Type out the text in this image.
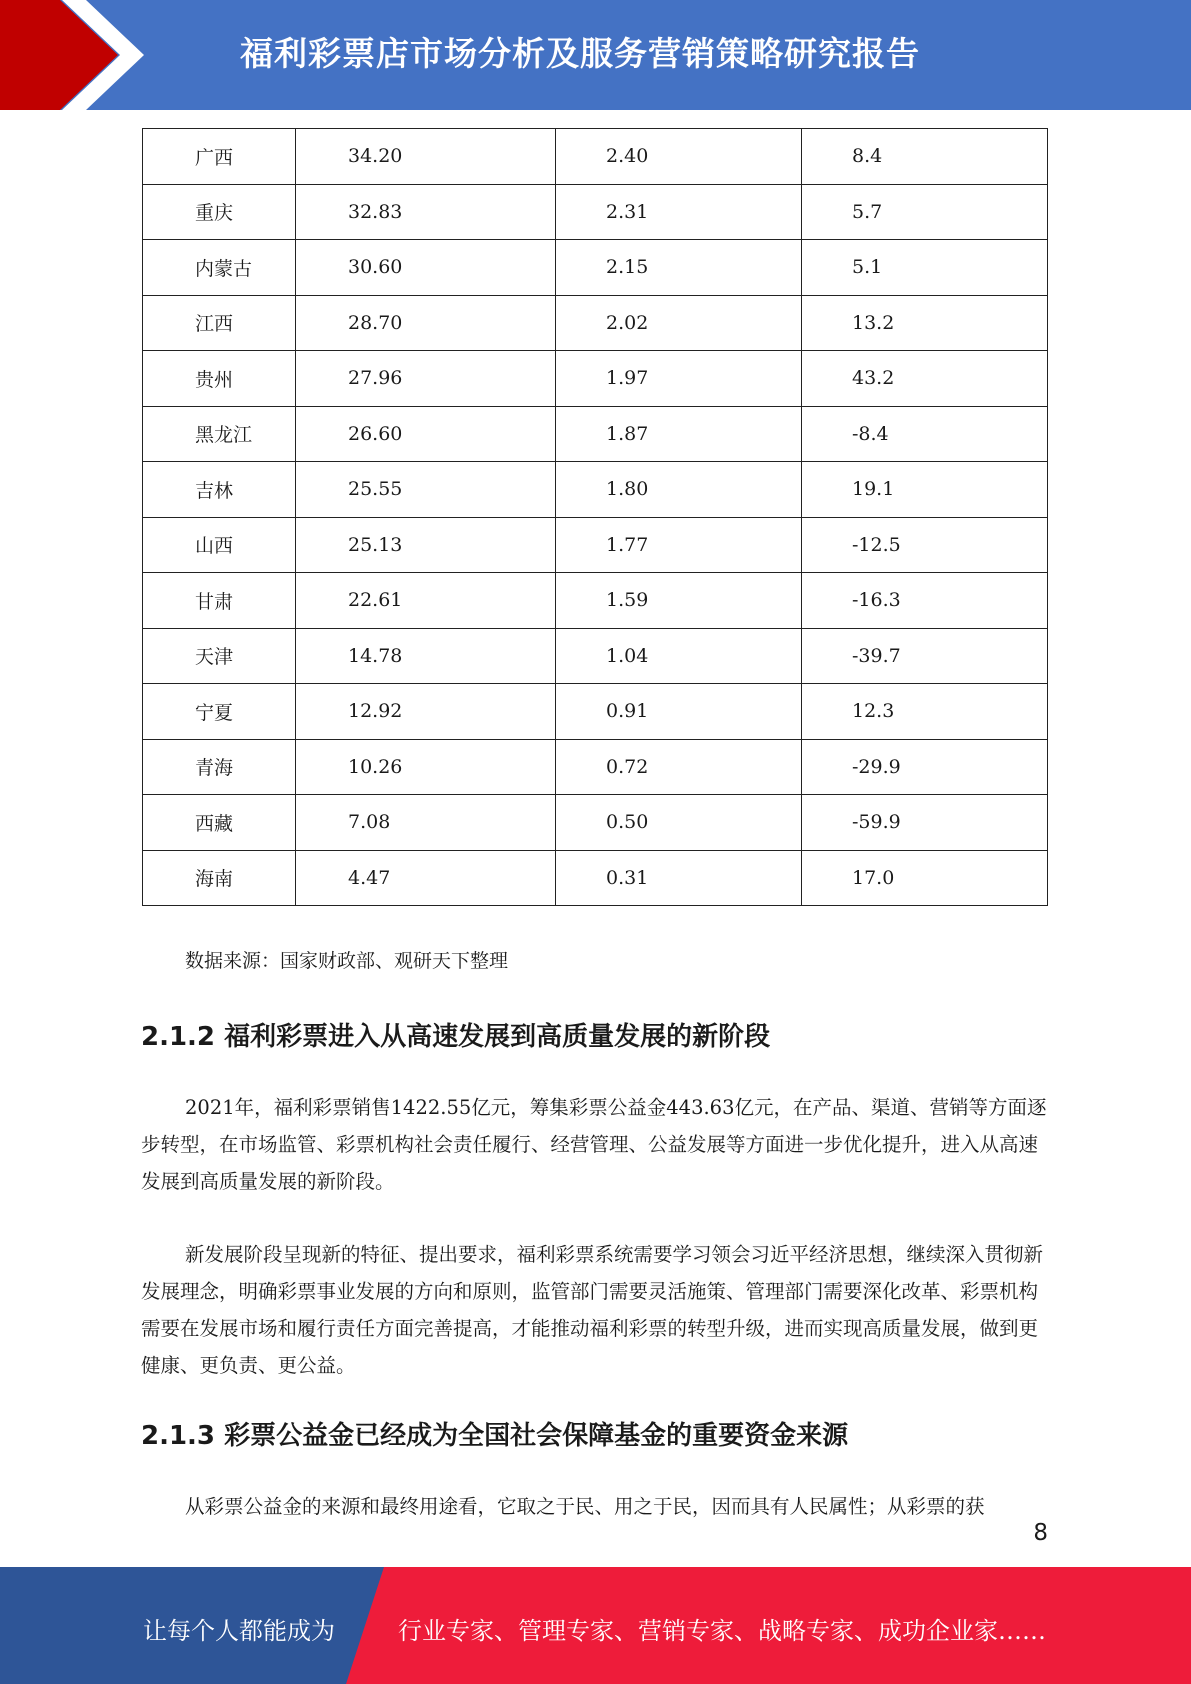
福利彩票店市场分析及服务营销策略研究报告
广西	34.20	2.40	8.4
重庆	32.83	2.31	5.7
内蒙古	30.60	2.15	5.1
江西	28.70	2.02	13.2
贵州	27.96	1.97	43.2
黑龙江	26.60	1.87	-8.4
吉林	25.55	1.80	19.1
山西	25.13	1.77	-12.5
甘肃	22.61	1.59	-16.3
天津	14.78	1.04	-39.7
宁夏	12.92	0.91	12.3
青海	10.26	0.72	-29.9
西藏	7.08	0.50	-59.9
海南	4.47	0.31	17.0
数据来源：国家财政部、观研天下整理
2.1.2 福利彩票进入从高速发展到高质量发展的新阶段

2021年，福利彩票销售1422.55亿元，筹集彩票公益金443.63亿元，在产品、渠道、营销等方面逐步转型，在市场监管、彩票机构社会责任履行、经营管理、公益发展等方面进一步优化提升，进入从高速发展到高质量发展的新阶段。

新发展阶段呈现新的特征、提出要求，福利彩票系统需要学习领会习近平经济思想，继续深入贯彻新发展理念，明确彩票事业发展的方向和原则，监管部门需要灵活施策、管理部门需要深化改革、彩票机构需要在发展市场和履行责任方面完善提高，才能推动福利彩票的转型升级，进而实现高质量发展，做到更健康、更负责、更公益。

2.1.3 彩票公益金已经成为全国社会保障基金的重要资金来源

从彩票公益金的来源和最终用途看，它取之于民、用之于民，因而具有人民属性；从彩票的获

8
让每个人都能成为	行业专家、管理专家、营销专家、战略专家、成功企业家……
